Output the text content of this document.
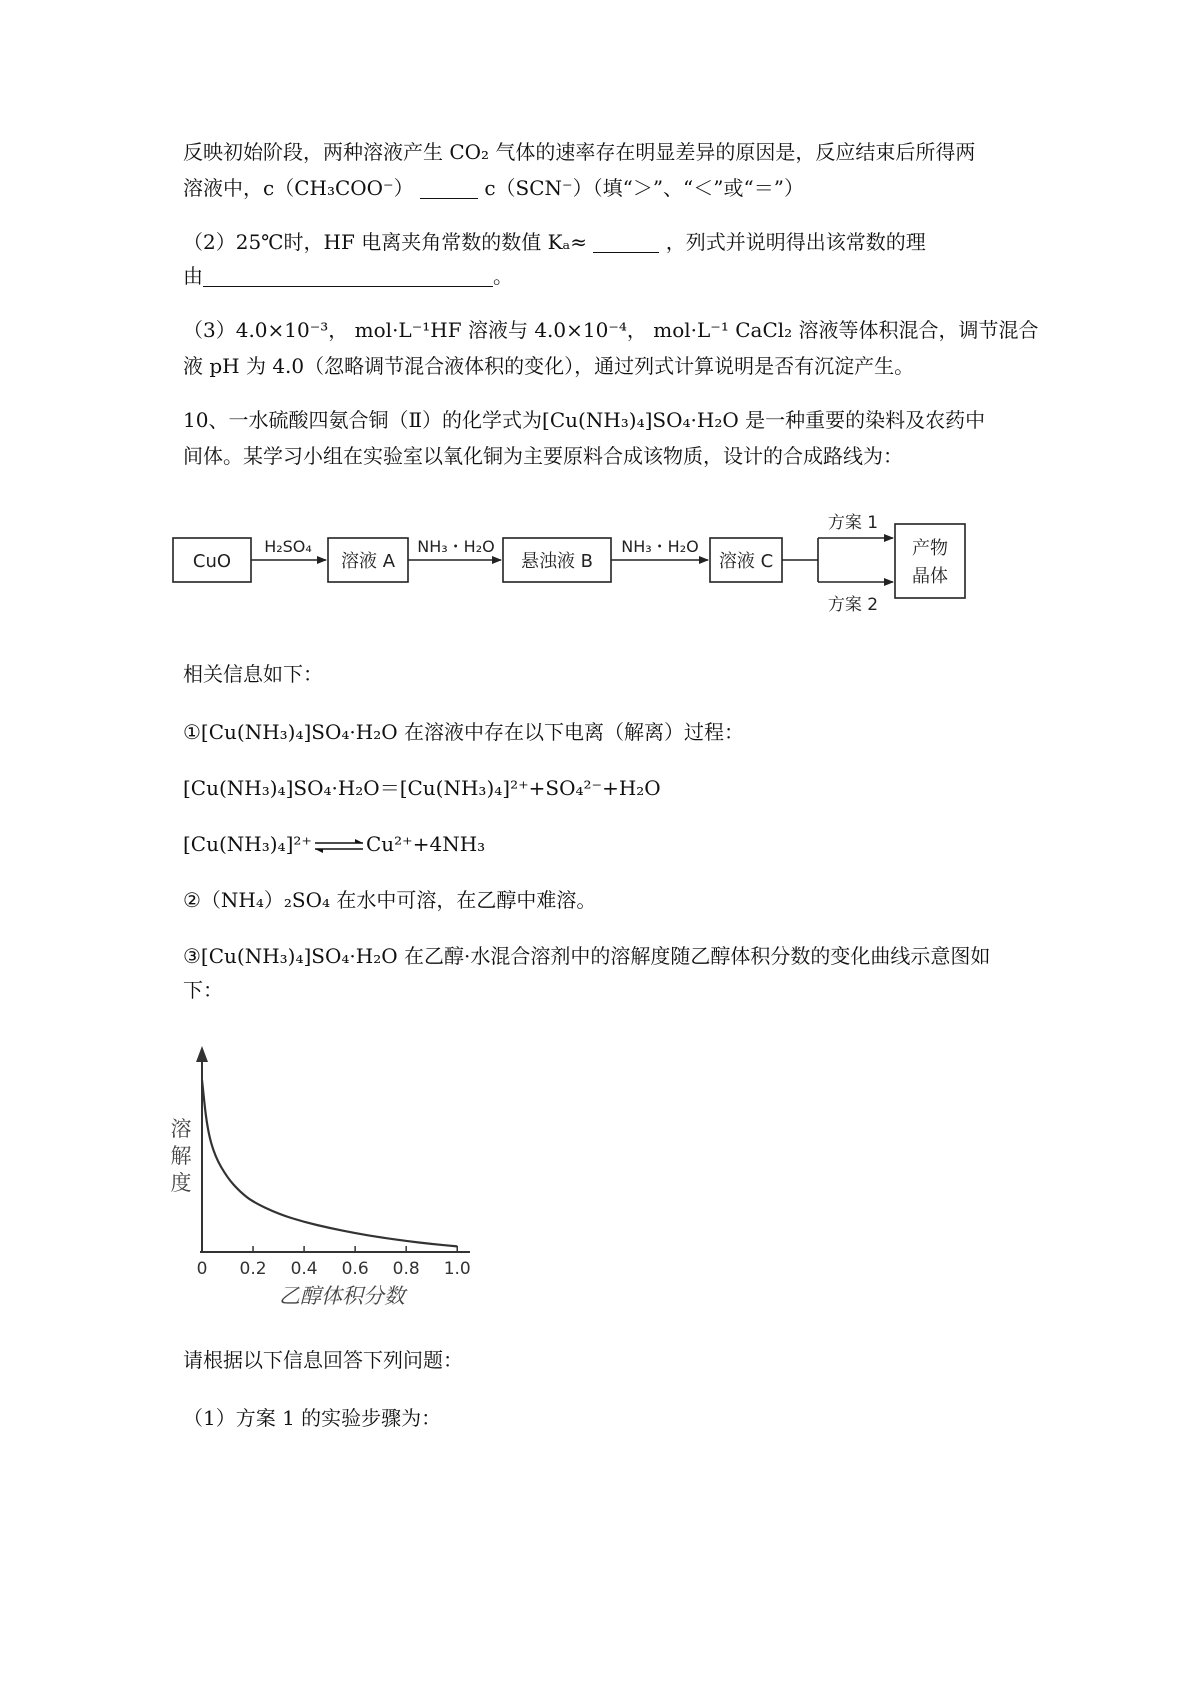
反映初始阶段，两种溶液产生 CO₂ 气体的速率存在明显差异的原因是，反应结束后所得两
溶液中，c（CH₃COO⁻）	c（SCN⁻）（填“＞”、“＜”或“＝”）
（2）25℃时，HF 电离夹角常数的数值 Kₐ≈	，列式并说明得出该常数的理
由	。
（3）4.0×10⁻³， mol·L⁻¹HF 溶液与 4.0×10⁻⁴， mol·L⁻¹ CaCl₂ 溶液等体积混合，调节混合
液 pH 为 4.0（忽略调节混合液体积的变化），通过列式计算说明是否有沉淀产生。
10、一水硫酸四氨合铜（Ⅱ）的化学式为[Cu(NH₃)₄]SO₄·H₂O 是一种重要的染料及农药中
间体。某学习小组在实验室以氧化铜为主要原料合成该物质，设计的合成路线为：
CuO	溶液 A	悬浊液 B	溶液 C
H₂SO₄	NH₃・H₂O	NH₃・H₂O
方案 1
方案 2
产物
晶体
相关信息如下：
①[Cu(NH₃)₄]SO₄·H₂O 在溶液中存在以下电离（解离）过程：
[Cu(NH₃)₄]SO₄·H₂O＝[Cu(NH₃)₄]²⁺+SO₄²⁻+H₂O
[Cu(NH₃)₄]²⁺⇌Cu²⁺+4NH₃
②（NH₄）₂SO₄ 在水中可溶，在乙醇中难溶。
③[Cu(NH₃)₄]SO₄·H₂O 在乙醇·水混合溶剂中的溶解度随乙醇体积分数的变化曲线示意图如
下：
0 0.2 0.4 0.6 0.8 1.0
溶
解
度
乙醇体积分数
请根据以下信息回答下列问题：
（1）方案 1 的实验步骤为：
